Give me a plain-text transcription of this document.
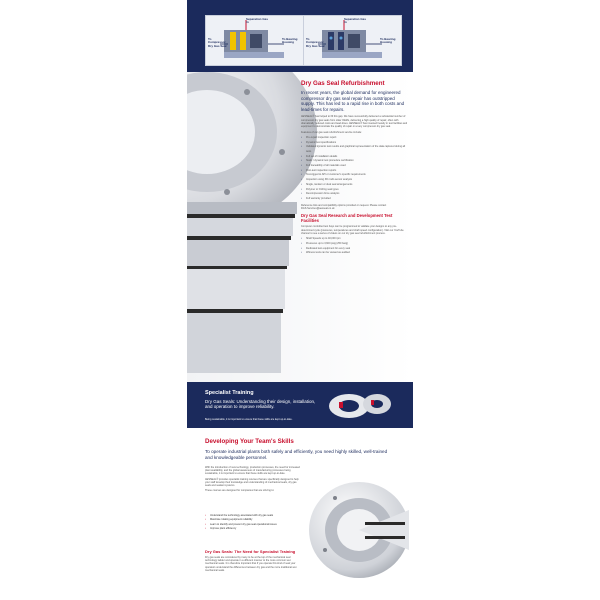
Separation Gas In
To Compressor Dry Gas Seal
To Bearing Housing
Separation Gas In
To Compressor Dry Gas Seal
To Bearing Housing
Dry Gas Seal Refurbishment
In recent years, the global demand for engineered compressor dry gas seal repair has outstripped supply. This has led to a rapid rise in both costs and lead-times for repairs.
AESSEAL® has helped to fill this gap. We have successfully delivered a substantial number of compressor dry gas seals from older OEMs, delivering a high quality of repair, often with dramatically reduced costs and lead-times. AESSEAL® has invested heavily in test facilities and equipment to demonstrate the quality of repair on every compressor dry gas seal.
Features of our gas seal refurbishment service include:
• Pre-repair inspection report
• Dynamic test specifications
• Validated dynamic test results and graphical representation of the data captured during all tests
• Full set of installation details
• Static / dynamic test procedure certification
• Full traceability of all materials used
• Post-test inspection reports
• Test-rigged to API or customer's specific requirements
• Inspection using 3D multi-sensor analysis
• Single, tandem or dual seal arrangements
• Polymer or O-Ring seal types
• Decompression force analysis
• Full warranty provided
Reference lists and compatibility options provided on request. Please contact DGS.Services@aesseal.co.uk
Dry Gas Seal Research and Development Test Facilities
Computer controlled test bays can be programmed to validate your designs to any pre-determined cycle (pressures, temperatures and shaft speed configuration). Visit our YouTube channel to see a series of videos on our dry gas seal refurbishment process.
• Shaft Speeds up to 40,000 rpm
• Pressures up to 3,600 psig (250 barg)
• Dedicated test equipment for every seal
• Witness tests can be viewed as audited
Specialist Training
Dry Gas Seals: Understanding their design, installation, and operation to improve reliability.
Being sustainable, it is important to ensure that these skills are kept up-to-date.
Developing Your Team's Skills
To operate industrial plants both safely and efficiently, you need highly skilled, well-trained and knowledgeable personnel.
With the introduction of new technology, production processes, the need for increased plant availability, and the global awareness of manufacturing processes being sustainable, it is important to ensure that these skills are kept up-to-date.
AESSEAL® provides specialist training courses that are specifically designed to help your staff develop their knowledge and understanding of mechanical seals, dry gas seals and sealant systems.
These courses are designed for companies that are striving to:
• Understand the technology associated with dry gas seals
• Maximise rotating equipment reliability
• Learn to identify and prevent dry gas seal operational issues
• Improve plant efficiency
Dry Gas Seals: The Need for Specialist Training
Dry gas seals are considered by many to be at the top of the mechanical seal technology ladder and operate in a different manner to the more common wet mechanical seals. It is therefore important that if you operate this kind of seal your operators understand the differences between dry gas and the more traditional wet mechanical seals.
